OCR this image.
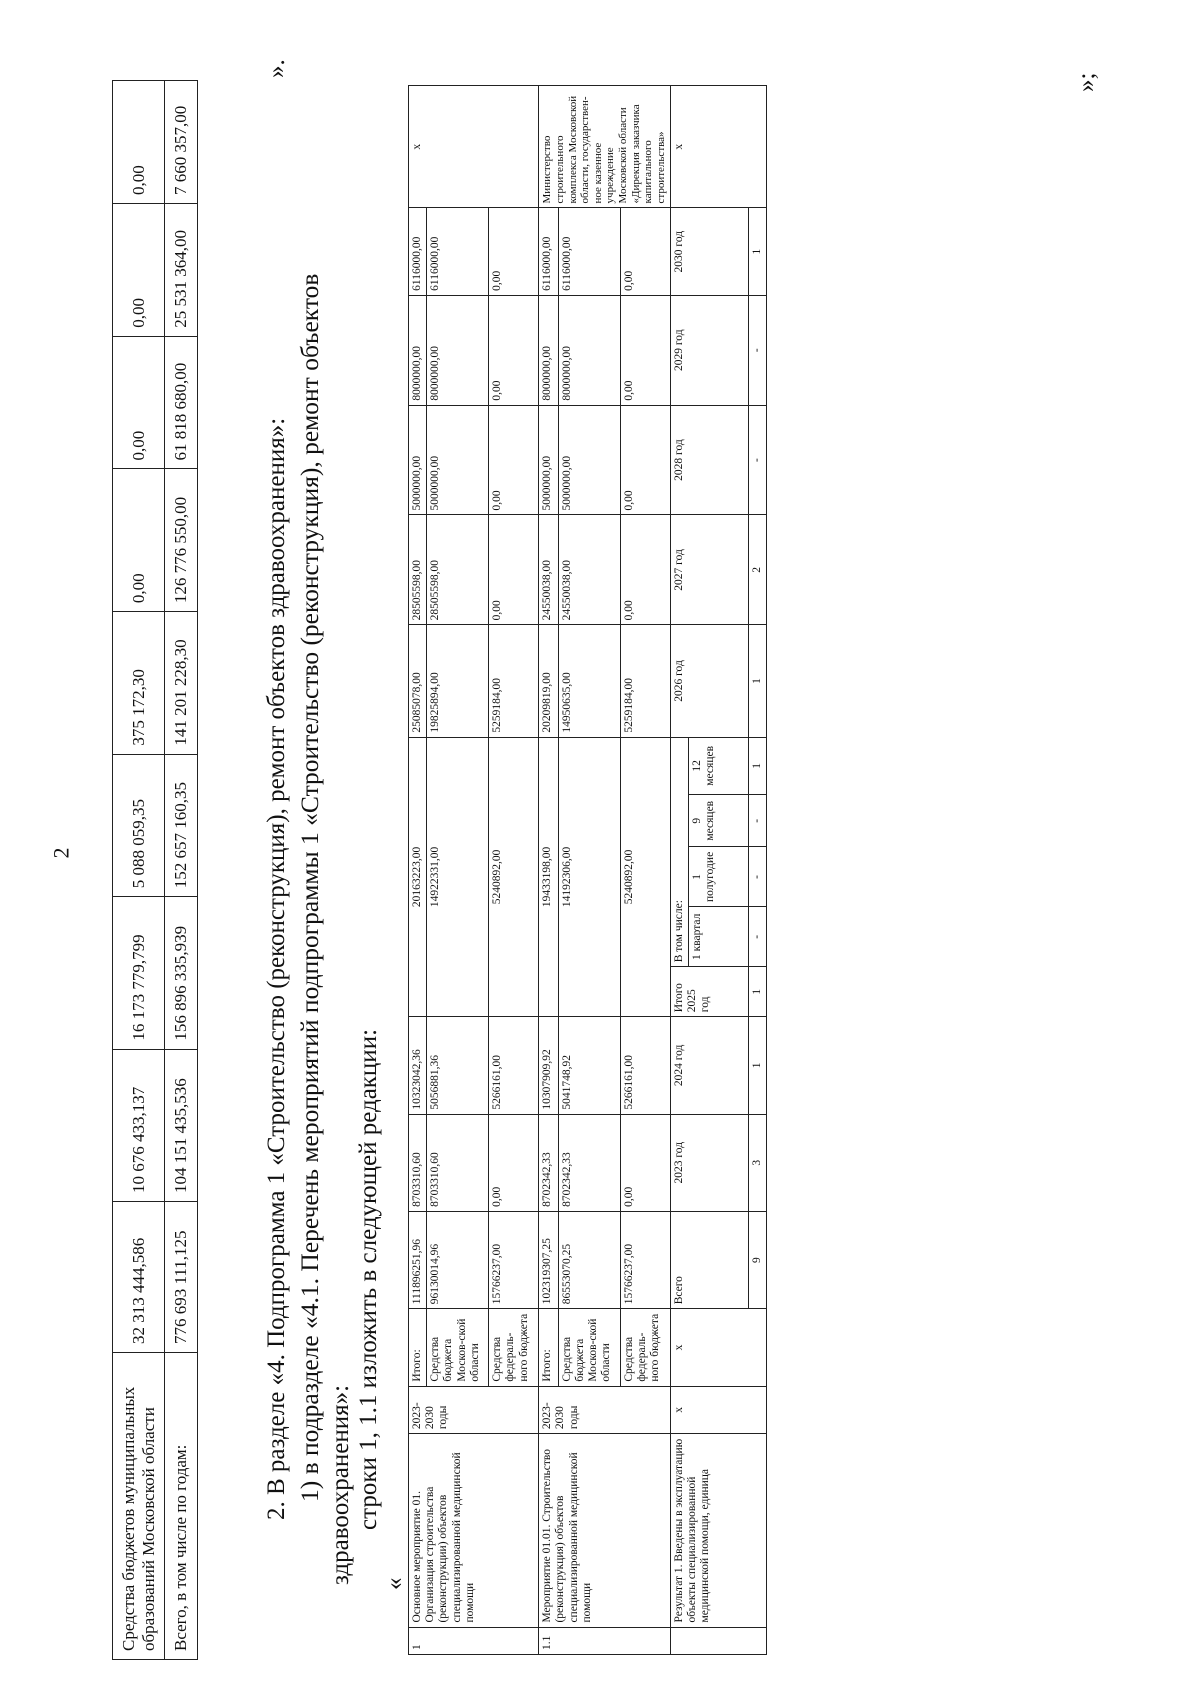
2
Средства бюджетов муниципальных образований Московской области	32 313 444,586	10 676 433,137	16 173 779,799	5 088 059,35	375 172,30	0,00	0,00	0,00	0,00
Всего, в том числе по годам:	776 693 111,125	104 151 435,536	156 896 335,939	152 657 160,35	141 201 228,30	126 776 550,00	61 818 680,00	25 531 364,00	7 660 357,00
».
2. В разделе «4. Подпрограмма 1 «Строительство (реконструкция), ремонт объектов здравоохранения»: 1) в подразделе «4.1. Перечень мероприятий подпрограммы 1 «Строительство (реконструкция), ремонт объектов здравоохранения»: строки 1, 1.1 изложить в следующей редакции:
«
1	Основное мероприятие 01. Организация строительства (реконструкции) объектов специализированной медицинской помощи	2023-2030 годы	Итого:	111896251,96	8703310,60	10323042,36	20163223,00					25085078,00	28505598,00	5000000,00	8000000,00	6116000,00	х
			Средства бюджета Москов-ской области	96130014,96	8703310,60	5056881,36	14922331,00					19825894,00	28505598,00	5000000,00	8000000,00	6116000,00	
			Средства федераль-ного бюджета	15766237,00	0,00	5266161,00	5240892,00					5259184,00	0,00	0,00	0,00	0,00	
1.1	Мероприятие 01.01. Строительство (реконструкция) объектов специализированной медицинской помощи	2023-2030 годы	Итого:	102319307,25	8702342,33	10307909,92	19433198,00					20209819,00	24550038,00	5000000,00	8000000,00	6116000,00	Министерство строительного комплекса Московской области, государствен-ное казенное учреждение Московской области «Дирекция заказчика капитального строительства»
			Средства бюджета Москов-ской области	86553070,25	8702342,33	5041748,92	14192306,00					14950635,00	24550038,00	5000000,00	8000000,00	6116000,00	
			Средства федераль-ного бюджета	15766237,00	0,00	5266161,00	5240892,00					5259184,00	0,00	0,00	0,00	0,00	
	Результат 1. Введены в эксплуатацию объекты специализированной медицинской помощи, единица	х	х	Всего	2023 год	2024 год	Итого 2025 год	В том числе:				2026 год	2027 год	2028 год	2029 год	2030 год	х
								1 квартал	1 полугодие	9 месяцев	12 месяцев						
				9	3	1	1	-	-	-	1	1	2	-	-	1	
»;
